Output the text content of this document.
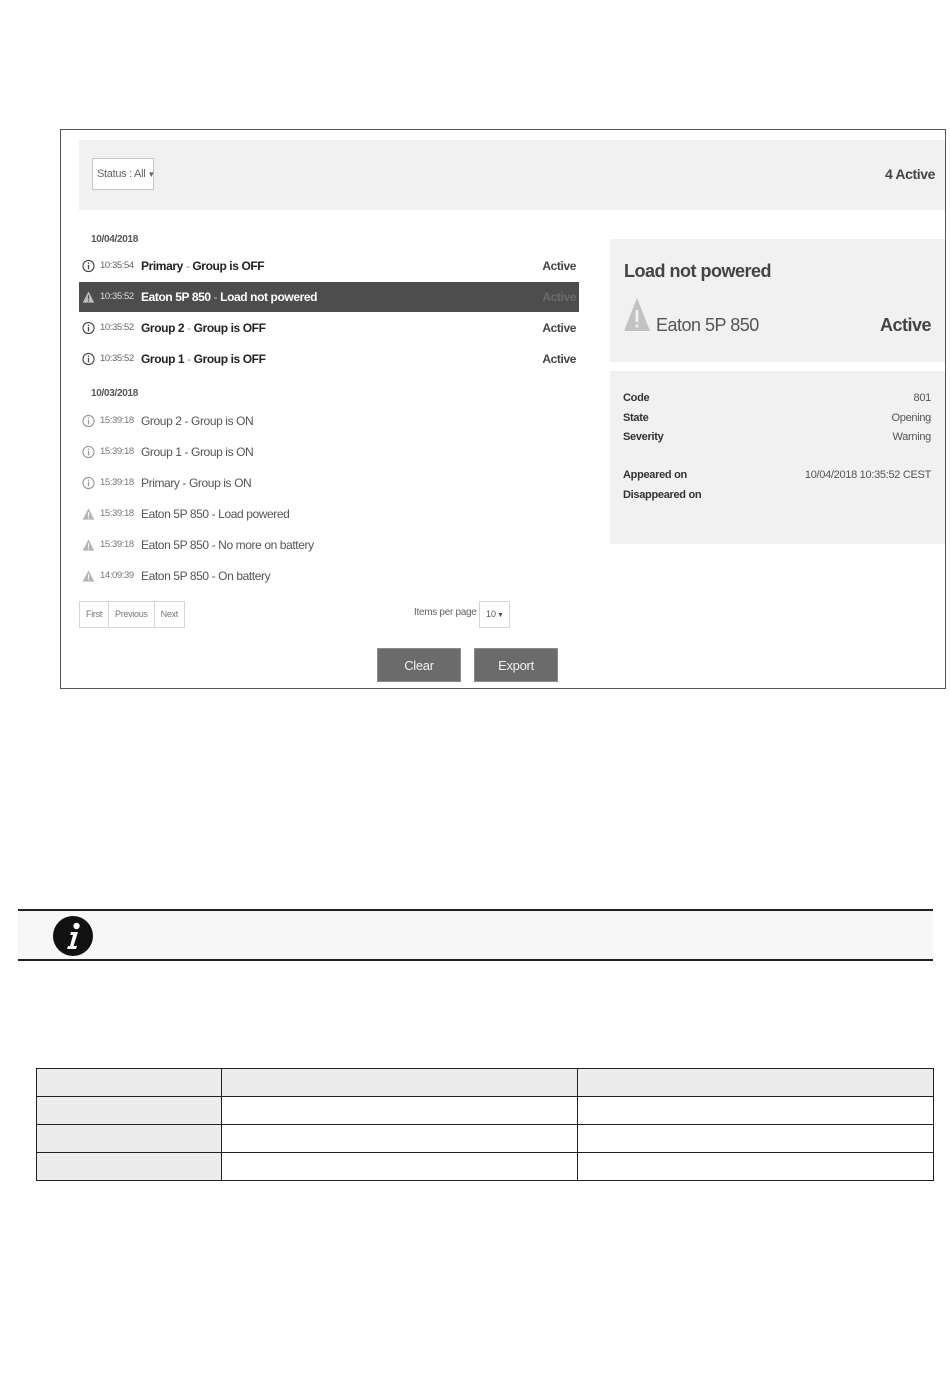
Status : All ▼	4 Active
10/04/2018
10:35:54 Primary - Group is OFF	Active
10:35:52 Eaton 5P 850 - Load not powered	Active
10:35:52 Group 2 - Group is OFF	Active
10:35:52 Group 1 - Group is OFF	Active
10/03/2018
15:39:18 Group 2 - Group is ON
15:39:18 Group 1 - Group is ON
15:39:18 Primary - Group is ON
15:39:18 Eaton 5P 850 - Load powered
15:39:18 Eaton 5P 850 - No more on battery
14:09:39 Eaton 5P 850 - On battery
First	Previous	Next	Items per page	10▼
Clear	Export
Load not powered
Eaton 5P 850	Active
Code	801
State	Opening
Severity	Warning
Appeared on	10/04/2018 10:35:52 CEST
Disappeared on
